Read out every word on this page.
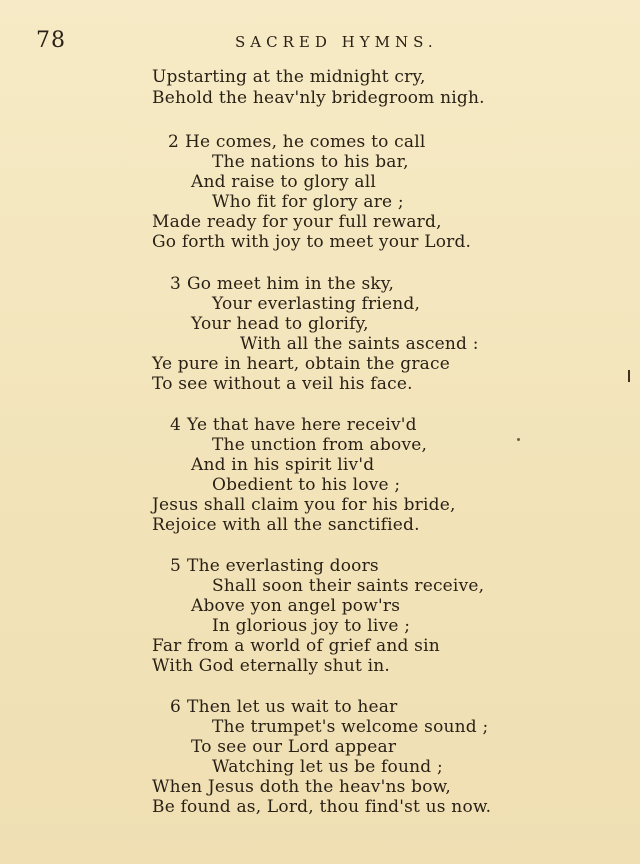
78	SACRED HYMNS.
Upstarting at the midnight cry,
Behold the heav'nly bridegroom nigh.
2 He comes, he comes to call
The nations to his bar,
And raise to glory all
Who fit for glory are ;
Made ready for your full reward,
Go forth with joy to meet your Lord.
3 Go meet him in the sky,
Your everlasting friend,
Your head to glorify,
With all the saints ascend :
Ye pure in heart, obtain the grace
To see without a veil his face.
4 Ye that have here receiv'd
The unction from above,
And in his spirit liv'd
Obedient to his love ;
Jesus shall claim you for his bride,
Rejoice with all the sanctified.
5 The everlasting doors
Shall soon their saints receive,
Above yon angel pow'rs
In glorious joy to live ;
Far from a world of grief and sin
With God eternally shut in.
6 Then let us wait to hear
The trumpet's welcome sound ;
To see our Lord appear
Watching let us be found ;
When Jesus doth the heav'ns bow,
Be found as, Lord, thou find'st us now.
